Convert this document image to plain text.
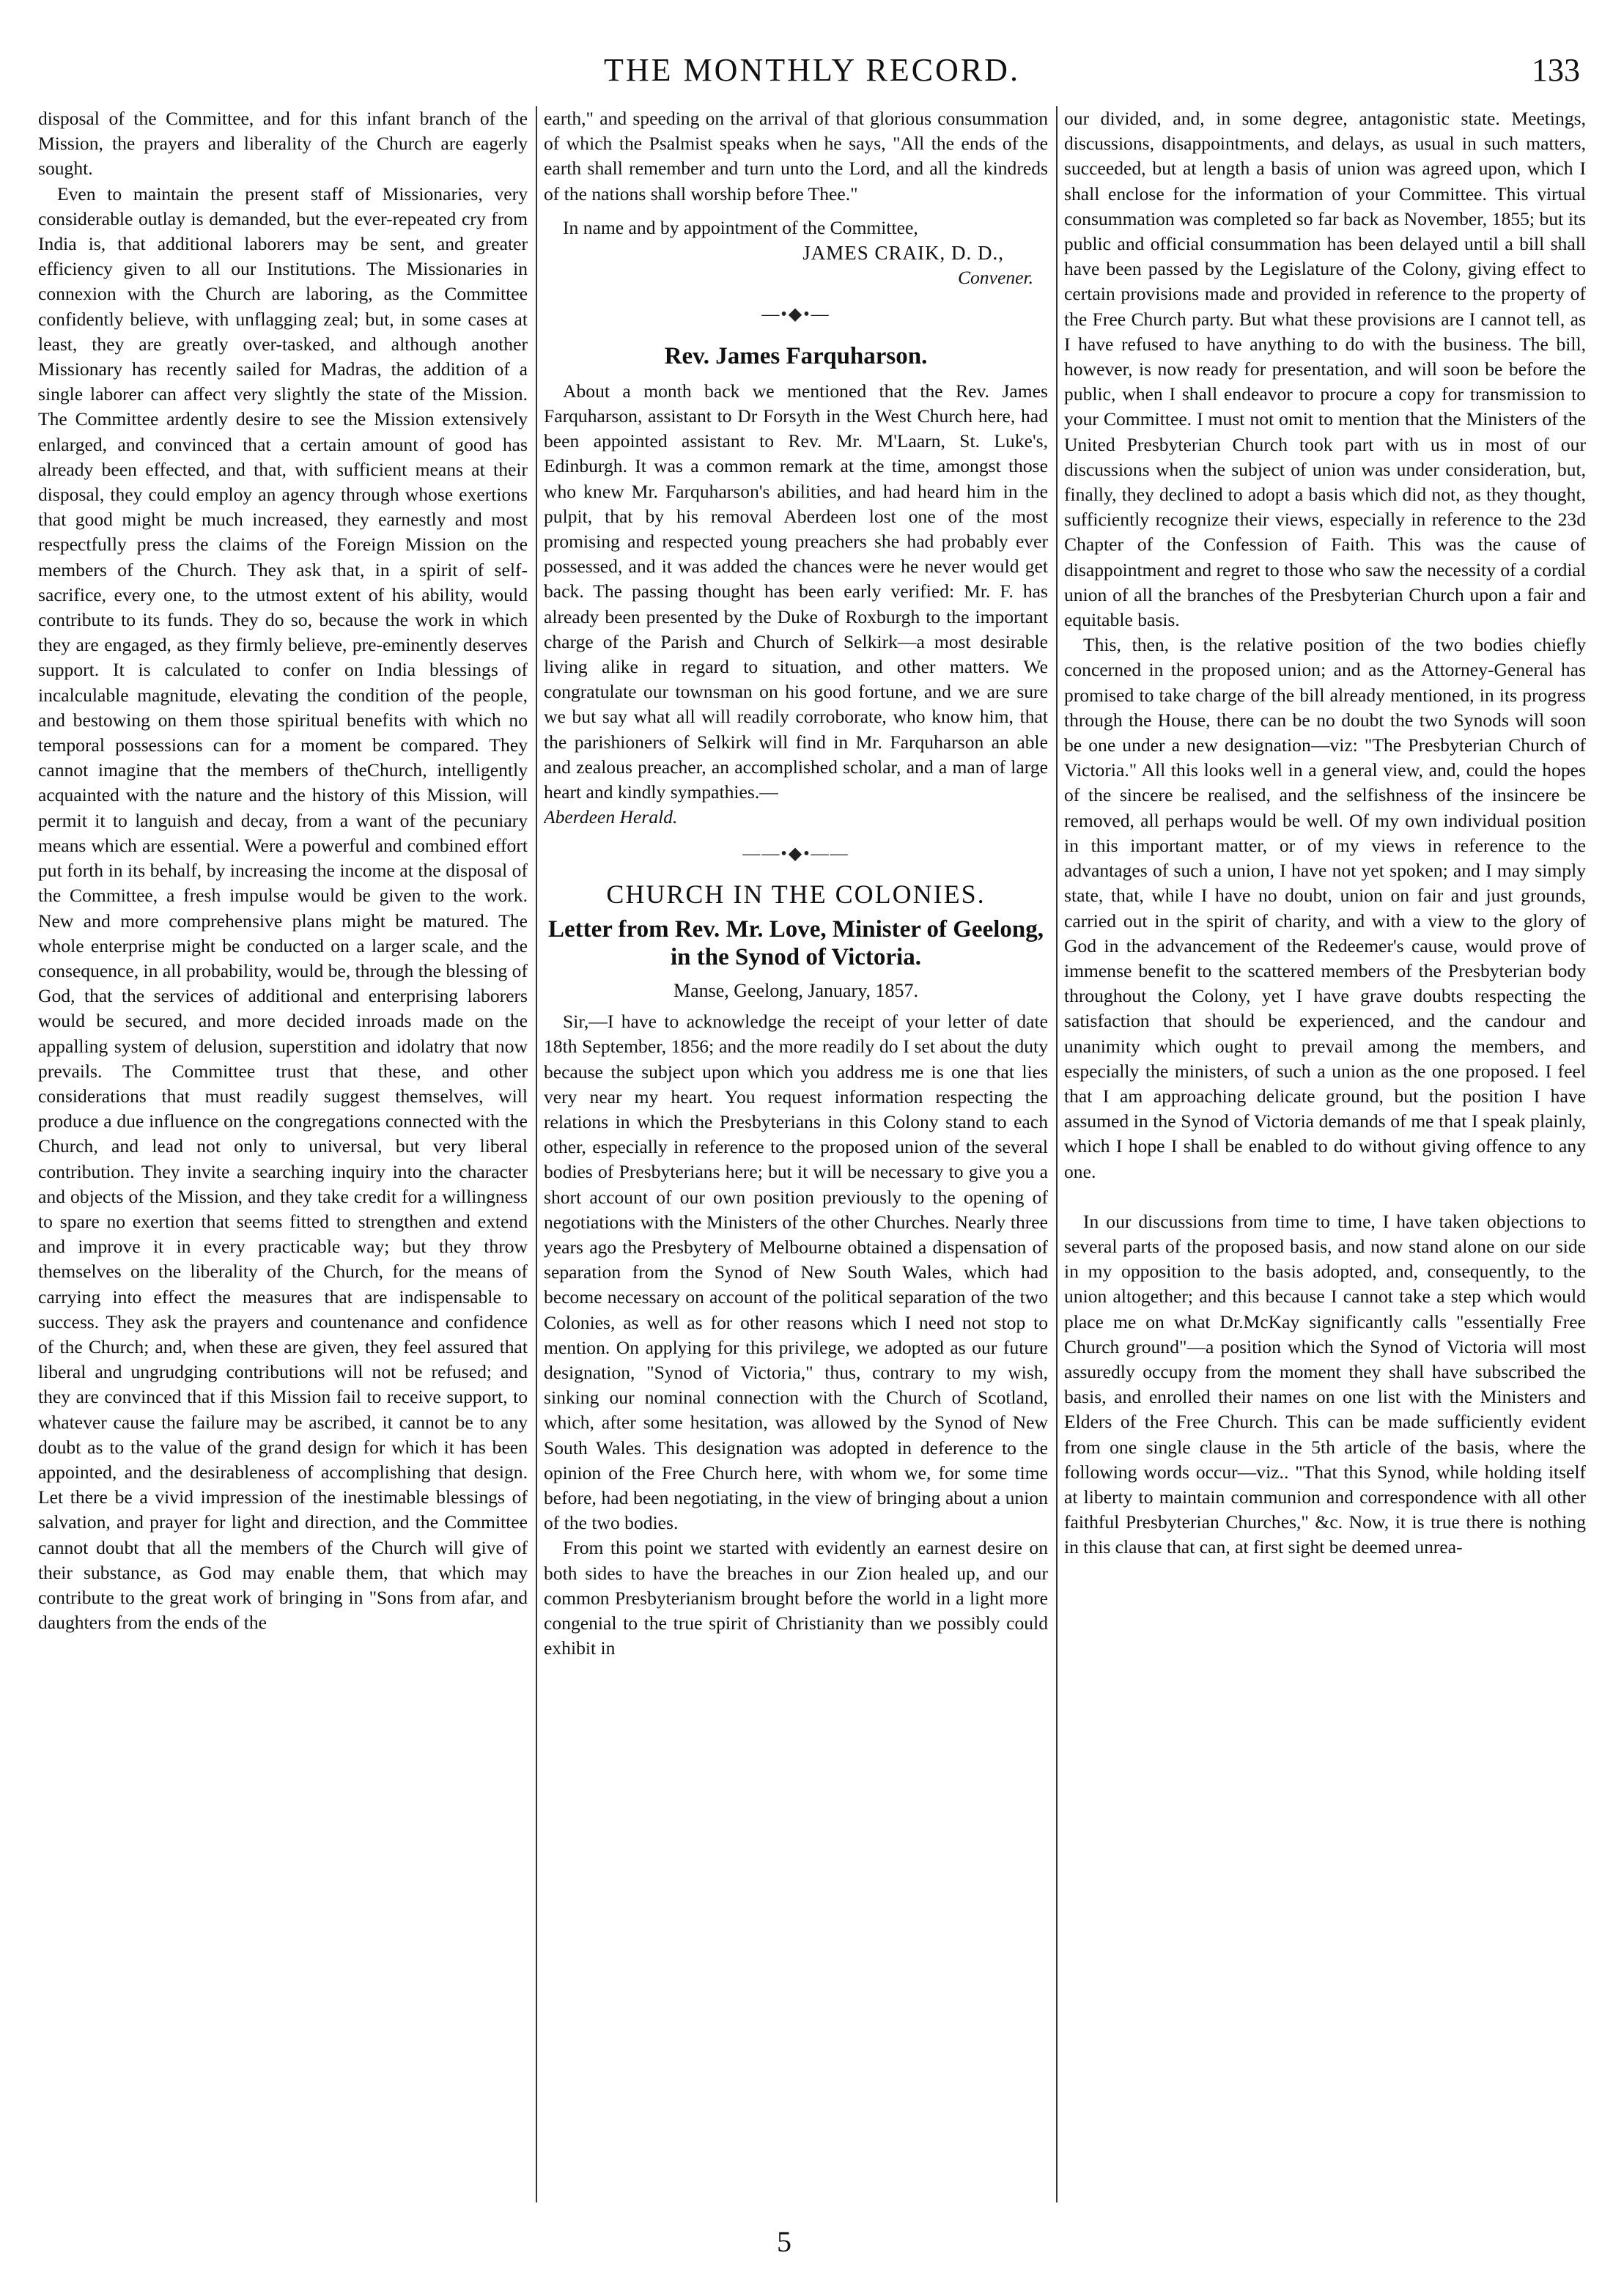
THE MONTHLY RECORD.	133

disposal of the Committee, and for this infant branch of the Mission, the prayers and liberality of the Church are eagerly sought.

Even to maintain the present staff of Missionaries, very considerable outlay is demanded, but the ever-repeated cry from India is, that additional laborers may be sent, and greater efficiency given to all our Institutions. The Missionaries in connexion with the Church are laboring, as the Committee confidently believe, with unflagging zeal; but, in some cases at least, they are greatly over-tasked, and although another Missionary has recently sailed for Madras, the addition of a single laborer can affect very slightly the state of the Mission. The Committee ardently desire to see the Mission extensively enlarged, and convinced that a certain amount of good has already been effected, and that, with sufficient means at their disposal, they could employ an agency through whose exertions that good might be much increased, they earnestly and most respectfully press the claims of the Foreign Mission on the members of the Church. They ask that, in a spirit of self-sacrifice, every one, to the utmost extent of his ability, would contribute to its funds. They do so, because the work in which they are engaged, as they firmly believe, pre-eminently deserves support. It is calculated to confer on India blessings of incalculable magnitude, elevating the condition of the people, and bestowing on them those spiritual benefits with which no temporal possessions can for a moment be compared. They cannot imagine that the members of theChurch, intelligently acquainted with the nature and the history of this Mission, will permit it to languish and decay, from a want of the pecuniary means which are essential. Were a powerful and combined effort put forth in its behalf, by increasing the income at the disposal of the Committee, a fresh impulse would be given to the work. New and more comprehensive plans might be matured. The whole enterprise might be conducted on a larger scale, and the consequence, in all probability, would be, through the blessing of God, that the services of additional and enterprising laborers would be secured, and more decided inroads made on the appalling system of delusion, superstition and idolatry that now prevails. The Committee trust that these, and other considerations that must readily suggest themselves, will produce a due influence on the congregations connected with the Church, and lead not only to universal, but very liberal contribution. They invite a searching inquiry into the character and objects of the Mission, and they take credit for a willingness to spare no exertion that seems fitted to strengthen and extend and improve it in every practicable way; but they throw themselves on the liberality of the Church, for the means of carrying into effect the measures that are indispensable to success. They ask the prayers and countenance and confidence of the Church; and, when these are given, they feel assured that liberal and ungrudging contributions will not be refused; and they are convinced that if this Mission fail to receive support, to whatever cause the failure may be ascribed, it cannot be to any doubt as to the value of the grand design for which it has been appointed, and the desirableness of accomplishing that design. Let there be a vivid impression of the inestimable blessings of salvation, and prayer for light and direction, and the Committee cannot doubt that all the members of the Church will give of their substance, as God may enable them, that which may contribute to the great work of bringing in "Sons from afar, and daughters from the ends of the

earth," and speeding on the arrival of that glorious consummation of which the Psalmist speaks when he says, "All the ends of the earth shall remember and turn unto the Lord, and all the kindreds of the nations shall worship before Thee."

In name and by appointment of the Committee,

JAMES CRAIK, D. D.,
Convener.
—•◆•—
Rev. James Farquharson.

About a month back we mentioned that the Rev. James Farquharson, assistant to Dr Forsyth in the West Church here, had been appointed assistant to Rev. Mr. M'Laarn, St. Luke's, Edinburgh. It was a common remark at the time, amongst those who knew Mr. Farquharson's abilities, and had heard him in the pulpit, that by his removal Aberdeen lost one of the most promising and respected young preachers she had probably ever possessed, and it was added the chances were he never would get back. The passing thought has been early verified: Mr. F. has already been presented by the Duke of Roxburgh to the important charge of the Parish and Church of Selkirk—a most desirable living alike in regard to situation, and other matters. We congratulate our townsman on his good fortune, and we are sure we but say what all will readily corroborate, who know him, that the parishioners of Selkirk will find in Mr. Farquharson an able and zealous preacher, an accomplished scholar, and a man of large heart and kindly sympathies.—

Aberdeen Herald.
——•◆•——
CHURCH IN THE COLONIES.
Letter from Rev. Mr. Love, Minister of Geelong, in the Synod of Victoria.
Manse, Geelong, January, 1857.

Sir,—I have to acknowledge the receipt of your letter of date 18th September, 1856; and the more readily do I set about the duty because the subject upon which you address me is one that lies very near my heart. You request information respecting the relations in which the Presbyterians in this Colony stand to each other, especially in reference to the proposed union of the several bodies of Presbyterians here; but it will be necessary to give you a short account of our own position previously to the opening of negotiations with the Ministers of the other Churches. Nearly three years ago the Presbytery of Melbourne obtained a dispensation of separation from the Synod of New South Wales, which had become necessary on account of the political separation of the two Colonies, as well as for other reasons which I need not stop to mention. On applying for this privilege, we adopted as our future designation, "Synod of Victoria," thus, contrary to my wish, sinking our nominal connection with the Church of Scotland, which, after some hesitation, was allowed by the Synod of New South Wales. This designation was adopted in deference to the opinion of the Free Church here, with whom we, for some time before, had been negotiating, in the view of bringing about a union of the two bodies.

From this point we started with evidently an earnest desire on both sides to have the breaches in our Zion healed up, and our common Presbyterianism brought before the world in a light more congenial to the true spirit of Christianity than we possibly could exhibit in

our divided, and, in some degree, antagonistic state. Meetings, discussions, disappointments, and delays, as usual in such matters, succeeded, but at length a basis of union was agreed upon, which I shall enclose for the information of your Committee. This virtual consummation was completed so far back as November, 1855; but its public and official consummation has been delayed until a bill shall have been passed by the Legislature of the Colony, giving effect to certain provisions made and provided in reference to the property of the Free Church party. But what these provisions are I cannot tell, as I have refused to have anything to do with the business. The bill, however, is now ready for presentation, and will soon be before the public, when I shall endeavor to procure a copy for transmission to your Committee. I must not omit to mention that the Ministers of the United Presbyterian Church took part with us in most of our discussions when the subject of union was under consideration, but, finally, they declined to adopt a basis which did not, as they thought, sufficiently recognize their views, especially in reference to the 23d Chapter of the Confession of Faith. This was the cause of disappointment and regret to those who saw the necessity of a cordial union of all the branches of the Presbyterian Church upon a fair and equitable basis.

This, then, is the relative position of the two bodies chiefly concerned in the proposed union; and as the Attorney-General has promised to take charge of the bill already mentioned, in its progress through the House, there can be no doubt the two Synods will soon be one under a new designation—viz: "The Presbyterian Church of Victoria." All this looks well in a general view, and, could the hopes of the sincere be realised, and the selfishness of the insincere be removed, all perhaps would be well. Of my own individual position in this important matter, or of my views in reference to the advantages of such a union, I have not yet spoken; and I may simply state, that, while I have no doubt, union on fair and just grounds, carried out in the spirit of charity, and with a view to the glory of God in the advancement of the Redeemer's cause, would prove of immense benefit to the scattered members of the Presbyterian body throughout the Colony, yet I have grave doubts respecting the satisfaction that should be experienced, and the candour and unanimity which ought to prevail among the members, and especially the ministers, of such a union as the one proposed. I feel that I am approaching delicate ground, but the position I have assumed in the Synod of Victoria demands of me that I speak plainly, which I hope I shall be enabled to do without giving offence to any one.

In our discussions from time to time, I have taken objections to several parts of the proposed basis, and now stand alone on our side in my opposition to the basis adopted, and, consequently, to the union altogether; and this because I cannot take a step which would place me on what Dr.McKay significantly calls "essentially Free Church ground"—a position which the Synod of Victoria will most assuredly occupy from the moment they shall have subscribed the basis, and enrolled their names on one list with the Ministers and Elders of the Free Church. This can be made sufficiently evident from one single clause in the 5th article of the basis, where the following words occur—viz.. "That this Synod, while holding itself at liberty to maintain communion and correspondence with all other faithful Presbyterian Churches," &c. Now, it is true there is nothing in this clause that can, at first sight be deemed unrea-

5
